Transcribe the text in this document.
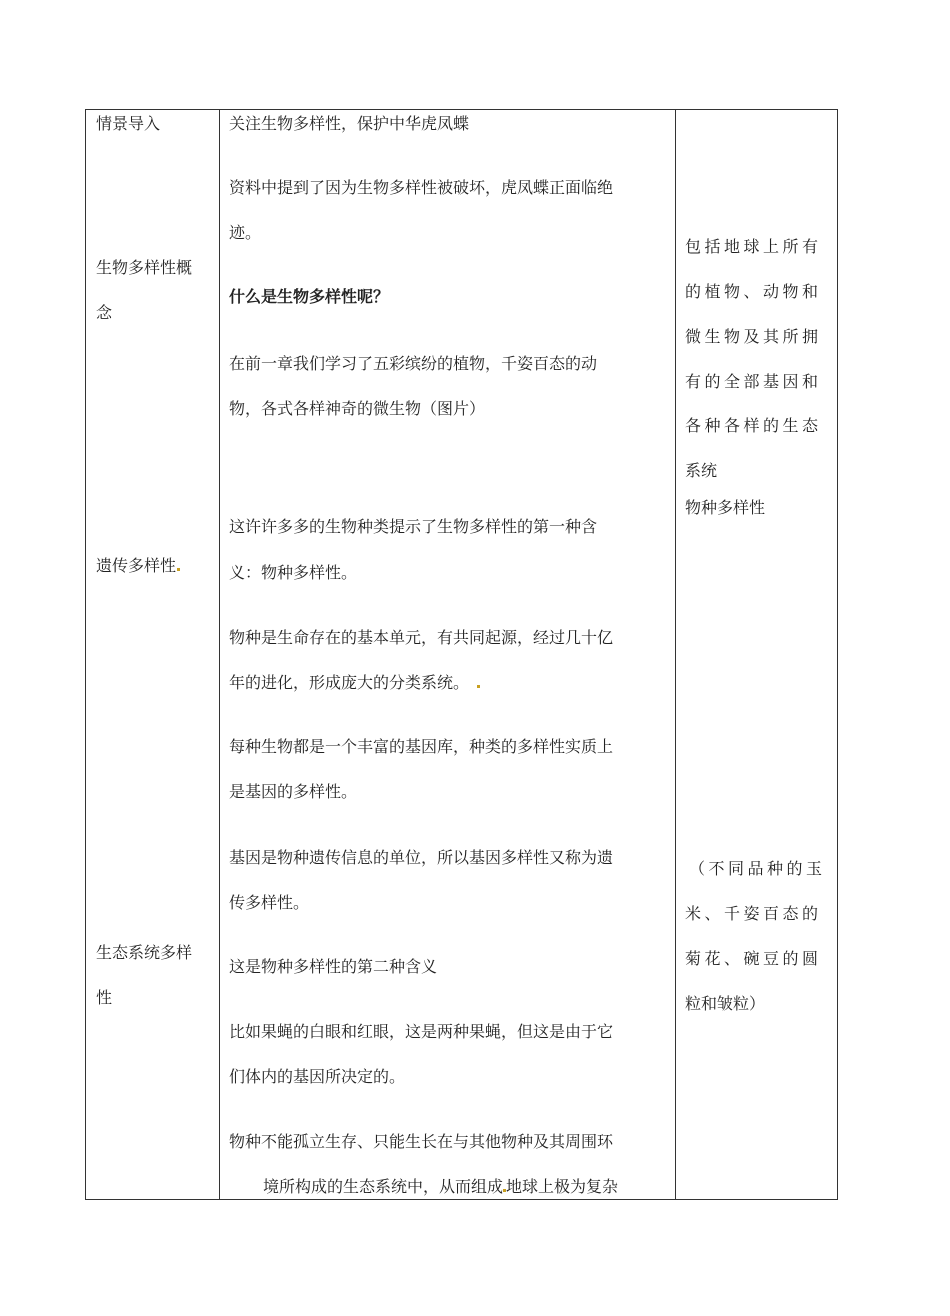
情景导入
生物多样性概
念
遗传多样性
生态系统多样
性
关注生物多样性，保护中华虎凤蝶
资料中提到了因为生物多样性被破坏，虎凤蝶正面临绝
迹。
什么是生物多样性呢？
在前一章我们学习了五彩缤纷的植物，千姿百态的动
物，各式各样神奇的微生物（图片）
这许许多多的生物种类提示了生物多样性的第一种含
义：物种多样性。
物种是生命存在的基本单元，有共同起源，经过几十亿
年的进化，形成庞大的分类系统。
每种生物都是一个丰富的基因库，种类的多样性实质上
是基因的多样性。
基因是物种遗传信息的单位，所以基因多样性又称为遗
传多样性。
这是物种多样性的第二种含义
比如果蝇的白眼和红眼，这是两种果蝇，但这是由于它
们体内的基因所决定的。
物种不能孤立生存、只能生长在与其他物种及其周围环
境所构成的生态系统中，从而组成 地球上极为复杂
包括地球上所有
的植物、动物和
微生物及其所拥
有的全部基因和
各种各样的生态
系统
物种多样性
（不同品种的玉
米、千姿百态的
菊花、碗豆的圆
粒和皱粒）
